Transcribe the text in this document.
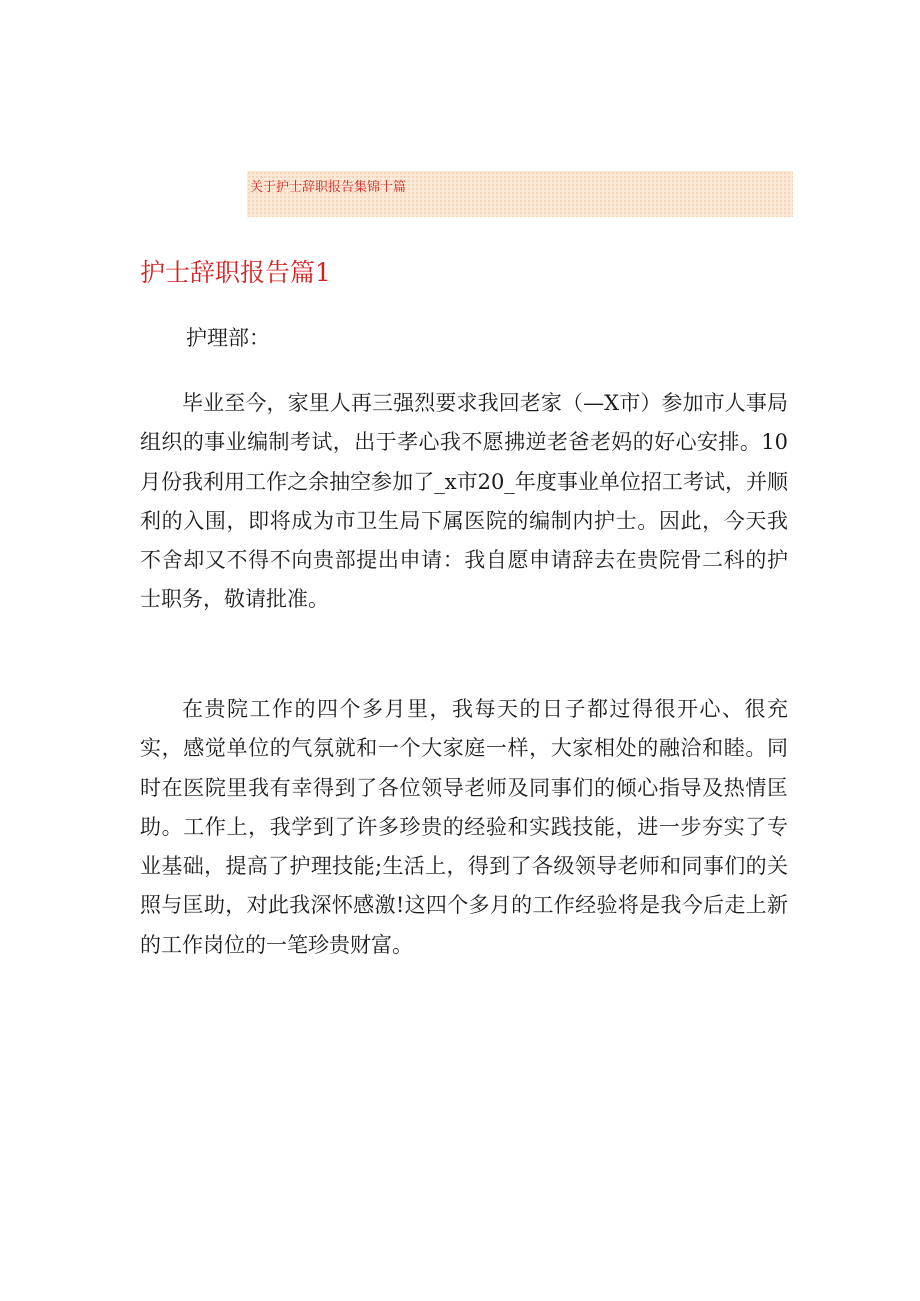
关于护士辞职报告集锦十篇
护士辞职报告篇1

护理部：

毕业至今，家里人再三强烈要求我回老家（—X市）参加市人事局组织的事业编制考试，出于孝心我不愿拂逆老爸老妈的好心安排。10月份我利用工作之余抽空参加了_x市20_年度事业单位招工考试，并顺利的入围，即将成为市卫生局下属医院的编制内护士。因此，今天我不舍却又不得不向贵部提出申请：我自愿申请辞去在贵院骨二科的护士职务，敬请批准。

在贵院工作的四个多月里，我每天的日子都过得很开心、很充实，感觉单位的气氛就和一个大家庭一样，大家相处的融洽和睦。同时在医院里我有幸得到了各位领导老师及同事们的倾心指导及热情匡助。工作上，我学到了许多珍贵的经验和实践技能，进一步夯实了专业基础，提高了护理技能;生活上，得到了各级领导老师和同事们的关照与匡助，对此我深怀感激!这四个多月的工作经验将是我今后走上新的工作岗位的一笔珍贵财富。
